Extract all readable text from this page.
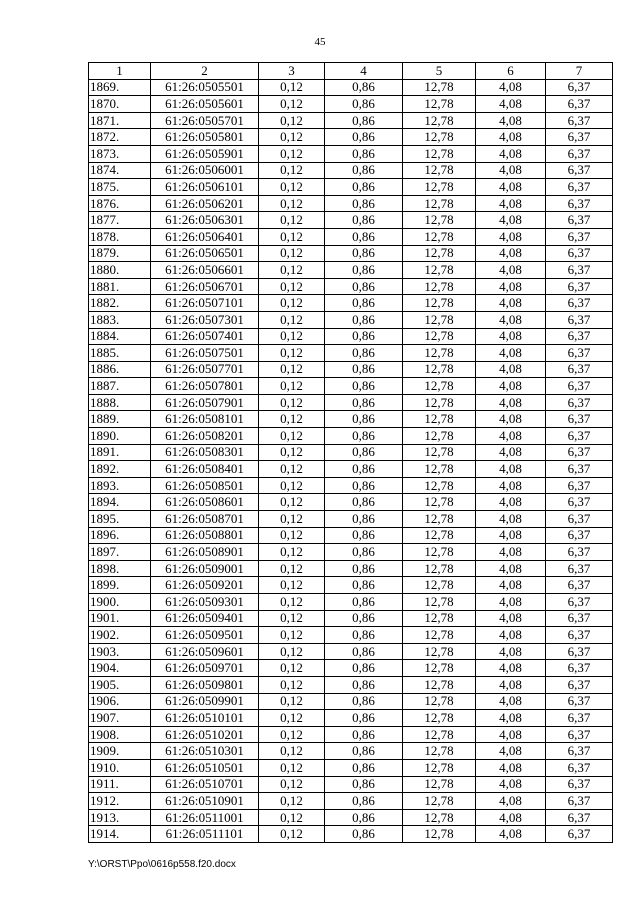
45
1	2	3	4	5	6	7
1869.	61:26:0505501	0,12	0,86	12,78	4,08	6,37
1870.	61:26:0505601	0,12	0,86	12,78	4,08	6,37
1871.	61:26:0505701	0,12	0,86	12,78	4,08	6,37
1872.	61:26:0505801	0,12	0,86	12,78	4,08	6,37
1873.	61:26:0505901	0,12	0,86	12,78	4,08	6,37
1874.	61:26:0506001	0,12	0,86	12,78	4,08	6,37
1875.	61:26:0506101	0,12	0,86	12,78	4,08	6,37
1876.	61:26:0506201	0,12	0,86	12,78	4,08	6,37
1877.	61:26:0506301	0,12	0,86	12,78	4,08	6,37
1878.	61:26:0506401	0,12	0,86	12,78	4,08	6,37
1879.	61:26:0506501	0,12	0,86	12,78	4,08	6,37
1880.	61:26:0506601	0,12	0,86	12,78	4,08	6,37
1881.	61:26:0506701	0,12	0,86	12,78	4,08	6,37
1882.	61:26:0507101	0,12	0,86	12,78	4,08	6,37
1883.	61:26:0507301	0,12	0,86	12,78	4,08	6,37
1884.	61:26:0507401	0,12	0,86	12,78	4,08	6,37
1885.	61:26:0507501	0,12	0,86	12,78	4,08	6,37
1886.	61:26:0507701	0,12	0,86	12,78	4,08	6,37
1887.	61:26:0507801	0,12	0,86	12,78	4,08	6,37
1888.	61:26:0507901	0,12	0,86	12,78	4,08	6,37
1889.	61:26:0508101	0,12	0,86	12,78	4,08	6,37
1890.	61:26:0508201	0,12	0,86	12,78	4,08	6,37
1891.	61:26:0508301	0,12	0,86	12,78	4,08	6,37
1892.	61:26:0508401	0,12	0,86	12,78	4,08	6,37
1893.	61:26:0508501	0,12	0,86	12,78	4,08	6,37
1894.	61:26:0508601	0,12	0,86	12,78	4,08	6,37
1895.	61:26:0508701	0,12	0,86	12,78	4,08	6,37
1896.	61:26:0508801	0,12	0,86	12,78	4,08	6,37
1897.	61:26:0508901	0,12	0,86	12,78	4,08	6,37
1898.	61:26:0509001	0,12	0,86	12,78	4,08	6,37
1899.	61:26:0509201	0,12	0,86	12,78	4,08	6,37
1900.	61:26:0509301	0,12	0,86	12,78	4,08	6,37
1901.	61:26:0509401	0,12	0,86	12,78	4,08	6,37
1902.	61:26:0509501	0,12	0,86	12,78	4,08	6,37
1903.	61:26:0509601	0,12	0,86	12,78	4,08	6,37
1904.	61:26:0509701	0,12	0,86	12,78	4,08	6,37
1905.	61:26:0509801	0,12	0,86	12,78	4,08	6,37
1906.	61:26:0509901	0,12	0,86	12,78	4,08	6,37
1907.	61:26:0510101	0,12	0,86	12,78	4,08	6,37
1908.	61:26:0510201	0,12	0,86	12,78	4,08	6,37
1909.	61:26:0510301	0,12	0,86	12,78	4,08	6,37
1910.	61:26:0510501	0,12	0,86	12,78	4,08	6,37
1911.	61:26:0510701	0,12	0,86	12,78	4,08	6,37
1912.	61:26:0510901	0,12	0,86	12,78	4,08	6,37
1913.	61:26:0511001	0,12	0,86	12,78	4,08	6,37
1914.	61:26:0511101	0,12	0,86	12,78	4,08	6,37
Y:\ORST\Ppo\0616p558.f20.docx
